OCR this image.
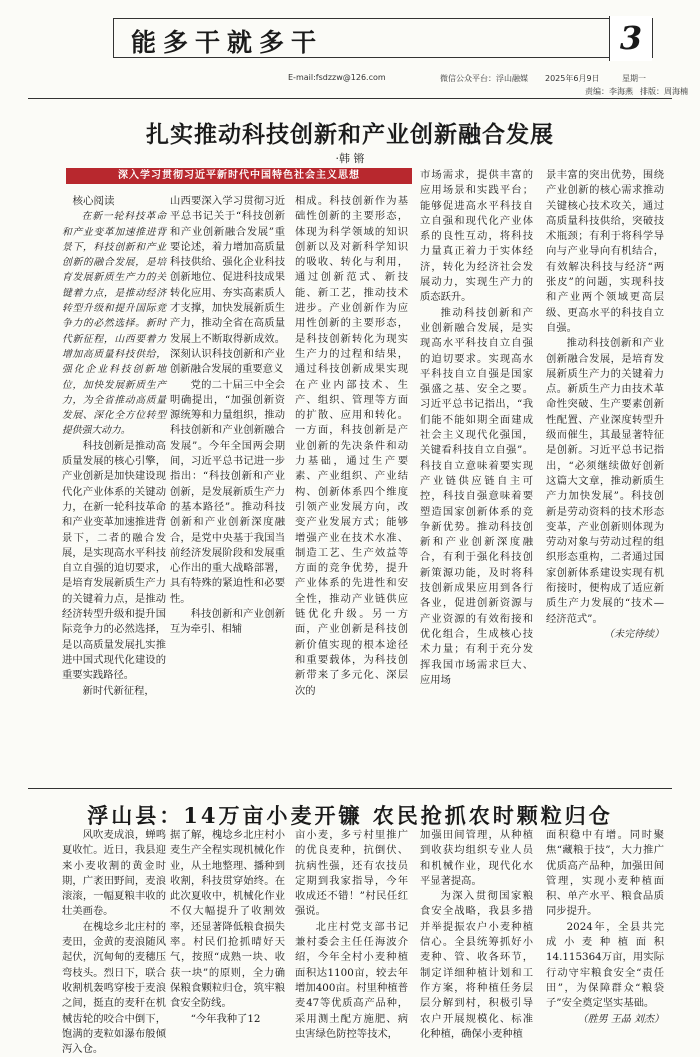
能多干就多干	3
E-mail:fsdzzw@126.com	微信公众平台：浮山融媒 2025年6月9日	星期一
责编：李海燕 排版：周海楠
扎实推动科技创新和产业创新融合发展
·韩 锵
深入学习贯彻习近平新时代中国特色社会主义思想

核心阅读

在新一轮科技革命和产业变革加速推进背景下，科技创新和产业创新的融合发展，是培育发展新质生产力的关键着力点，是推动经济转型升级和提升国际竞争力的必然选择。新时代新征程，山西要着力增加高质量科技供给，强化企业科技创新地位，加快发展新质生产力，为全省推动高质量发展、深化全方位转型提供强大动力。

科技创新是推动高质量发展的核心引擎，产业创新是加快建设现代化产业体系的关键动力，在新一轮科技革命和产业变革加速推进背景下，二者的融合发展，是实现高水平科技自立自强的迫切要求，是培育发展新质生产力的关键着力点，是推动经济转型升级和提升国际竞争力的必然选择，是以高质量发展扎实推进中国式现代化建设的重要实践路径。

新时代新征程，

山西要深入学习贯彻习近平总书记关于“科技创新和产业创新融合发展”重要论述，着力增加高质量科技供给、强化企业科技创新地位、促进科技成果转化应用、夯实高素质人才支撑，加快发展新质生产力，推动全省在高质量发展上不断取得新成效。深刻认识科技创新和产业创新融合发展的重要意义

党的二十届三中全会明确提出，“加强创新资源统筹和力量组织，推动科技创新和产业创新融合发展”。今年全国两会期间，习近平总书记进一步指出：“科技创新和产业创新，是发展新质生产力的基本路径”。推动科技创新和产业创新深度融合，是党中央基于我国当前经济发展阶段和发展重心作出的重大战略部署，具有特殊的紧迫性和必要性。

科技创新和产业创新互为牵引、相辅

相成。科技创新作为基础性创新的主要形态，体现为科学领域的知识创新以及对新科学知识的吸收、转化与利用，通过创新范式、新技能、新工艺，推动技术进步。产业创新作为应用性创新的主要形态，是科技创新转化为现实生产力的过程和结果，通过科技创新成果实现在产业内部技术、生产、组织、管理等方面的扩散、应用和转化。一方面，科技创新是产业创新的先决条件和动力基础，通过生产要素、产业组织、产业结构、创新体系四个维度引领产业发展方向，改变产业发展方式；能够增强产业在技术水准、制造工艺、生产效益等方面的竞争优势，提升产业体系的先进性和安全性，推动产业链供应链优化升级。另一方面，产业创新是科技创新价值实现的根本途径和重要载体，为科技创新带来了多元化、深层次的

市场需求，提供丰富的应用场景和实践平台；能够促进高水平科技自立自强和现代化产业体系的良性互动，将科技力量真正着力于实体经济，转化为经济社会发展动力，实现生产力的质态跃升。

推动科技创新和产业创新融合发展，是实现高水平科技自立自强的迫切要求。实现高水平科技自立自强是国家强盛之基、安全之要。习近平总书记指出，“我们能不能如期全面建成社会主义现代化强国，关键看科技自立自强”。科技自立意味着要实现产业链供应链自主可控，科技自强意味着要塑造国家创新体系的竞争新优势。推动科技创新和产业创新深度融合，有利于强化科技创新策源功能，及时将科技创新成果应用到各行各业，促进创新资源与产业资源的有效衔接和优化组合，生成核心技术力量；有利于充分发挥我国市场需求巨大、应用场

景丰富的突出优势，围绕产业创新的核心需求推动关键核心技术攻关，通过高质量科技供给，突破技术瓶颈；有利于将科学导向与产业导向有机结合，有效解决科技与经济“两张皮”的问题，实现科技和产业两个领域更高层级、更高水平的科技自立自强。

推动科技创新和产业创新融合发展，是培育发展新质生产力的关键着力点。新质生产力由技术革命性突破、生产要素创新性配置、产业深度转型升级而催生，其最显著特征是创新。习近平总书记指出，“必须继续做好创新这篇大文章，推动新质生产力加快发展”。科技创新是劳动资料的技术形态变革，产业创新则体现为劳动对象与劳动过程的组织形态重构，二者通过国家创新体系建设实现有机衔接时，便构成了适应新质生产力发展的“技术—经济范式”。

（未完待续）

浮山县：14万亩小麦开镰 农民抢抓农时颗粒归仓

风吹麦成浪，蝉鸣夏收忙。近日，我县迎来小麦收割的黄金时期，广袤田野间，麦浪滚滚，一幅夏粮丰收的壮美画卷。

在槐埝乡北庄村的麦田，金黄的麦浪随风起伏，沉甸甸的麦穗压弯枝头。烈日下，联合收割机轰鸣穿梭于麦浪之间，挺直的麦秆在机械齿轮的咬合中倒下，饱满的麦粒如瀑布般倾泻入仓。

据了解，槐埝乡北庄村小麦生产全程实现机械化作业，从土地整理、播种到收割，科技贯穿始终。在此次夏收中，机械化作业不仅大幅提升了收割效率，还显著降低粮食损失率。村民们抢抓晴好天气，按照“成熟一块、收获一块”的原则，全力确保粮食颗粒归仓，筑牢粮食安全防线。

“今年我种了12

亩小麦，多亏村里推广的优良麦种，抗倒伏、抗病性强，还有农技员定期到我家指导，今年收成还不错！”村民任红强说。

北庄村党支部书记兼村委会主任任海波介绍，今年全村小麦种植面积达1100亩，较去年增加400亩。村里种植普麦47等优质高产品种，采用测土配方施肥、病虫害绿色防控等技术，

加强田间管理，从种植到收获均组织专业人员和机械作业，现代化水平显著提高。

为深入贯彻国家粮食安全战略，我县多措并举提振农户小麦种植信心。全县统筹抓好小麦种、管、收各环节，制定详细种植计划和工作方案，将种植任务层层分解到村，积极引导农户开展规模化、标准化种植，确保小麦种植

面积稳中有增。同时聚焦“藏粮于技”，大力推广优质高产品种，加强田间管理，实现小麦种植面积、单产水平、粮食品质同步提升。

2024年，全县共完成小麦种植面积14.115364万亩，用实际行动守牢粮食安全“责任田”，为保障群众“粮袋子”安全奠定坚实基础。

（胜男 王晶 刘杰）
